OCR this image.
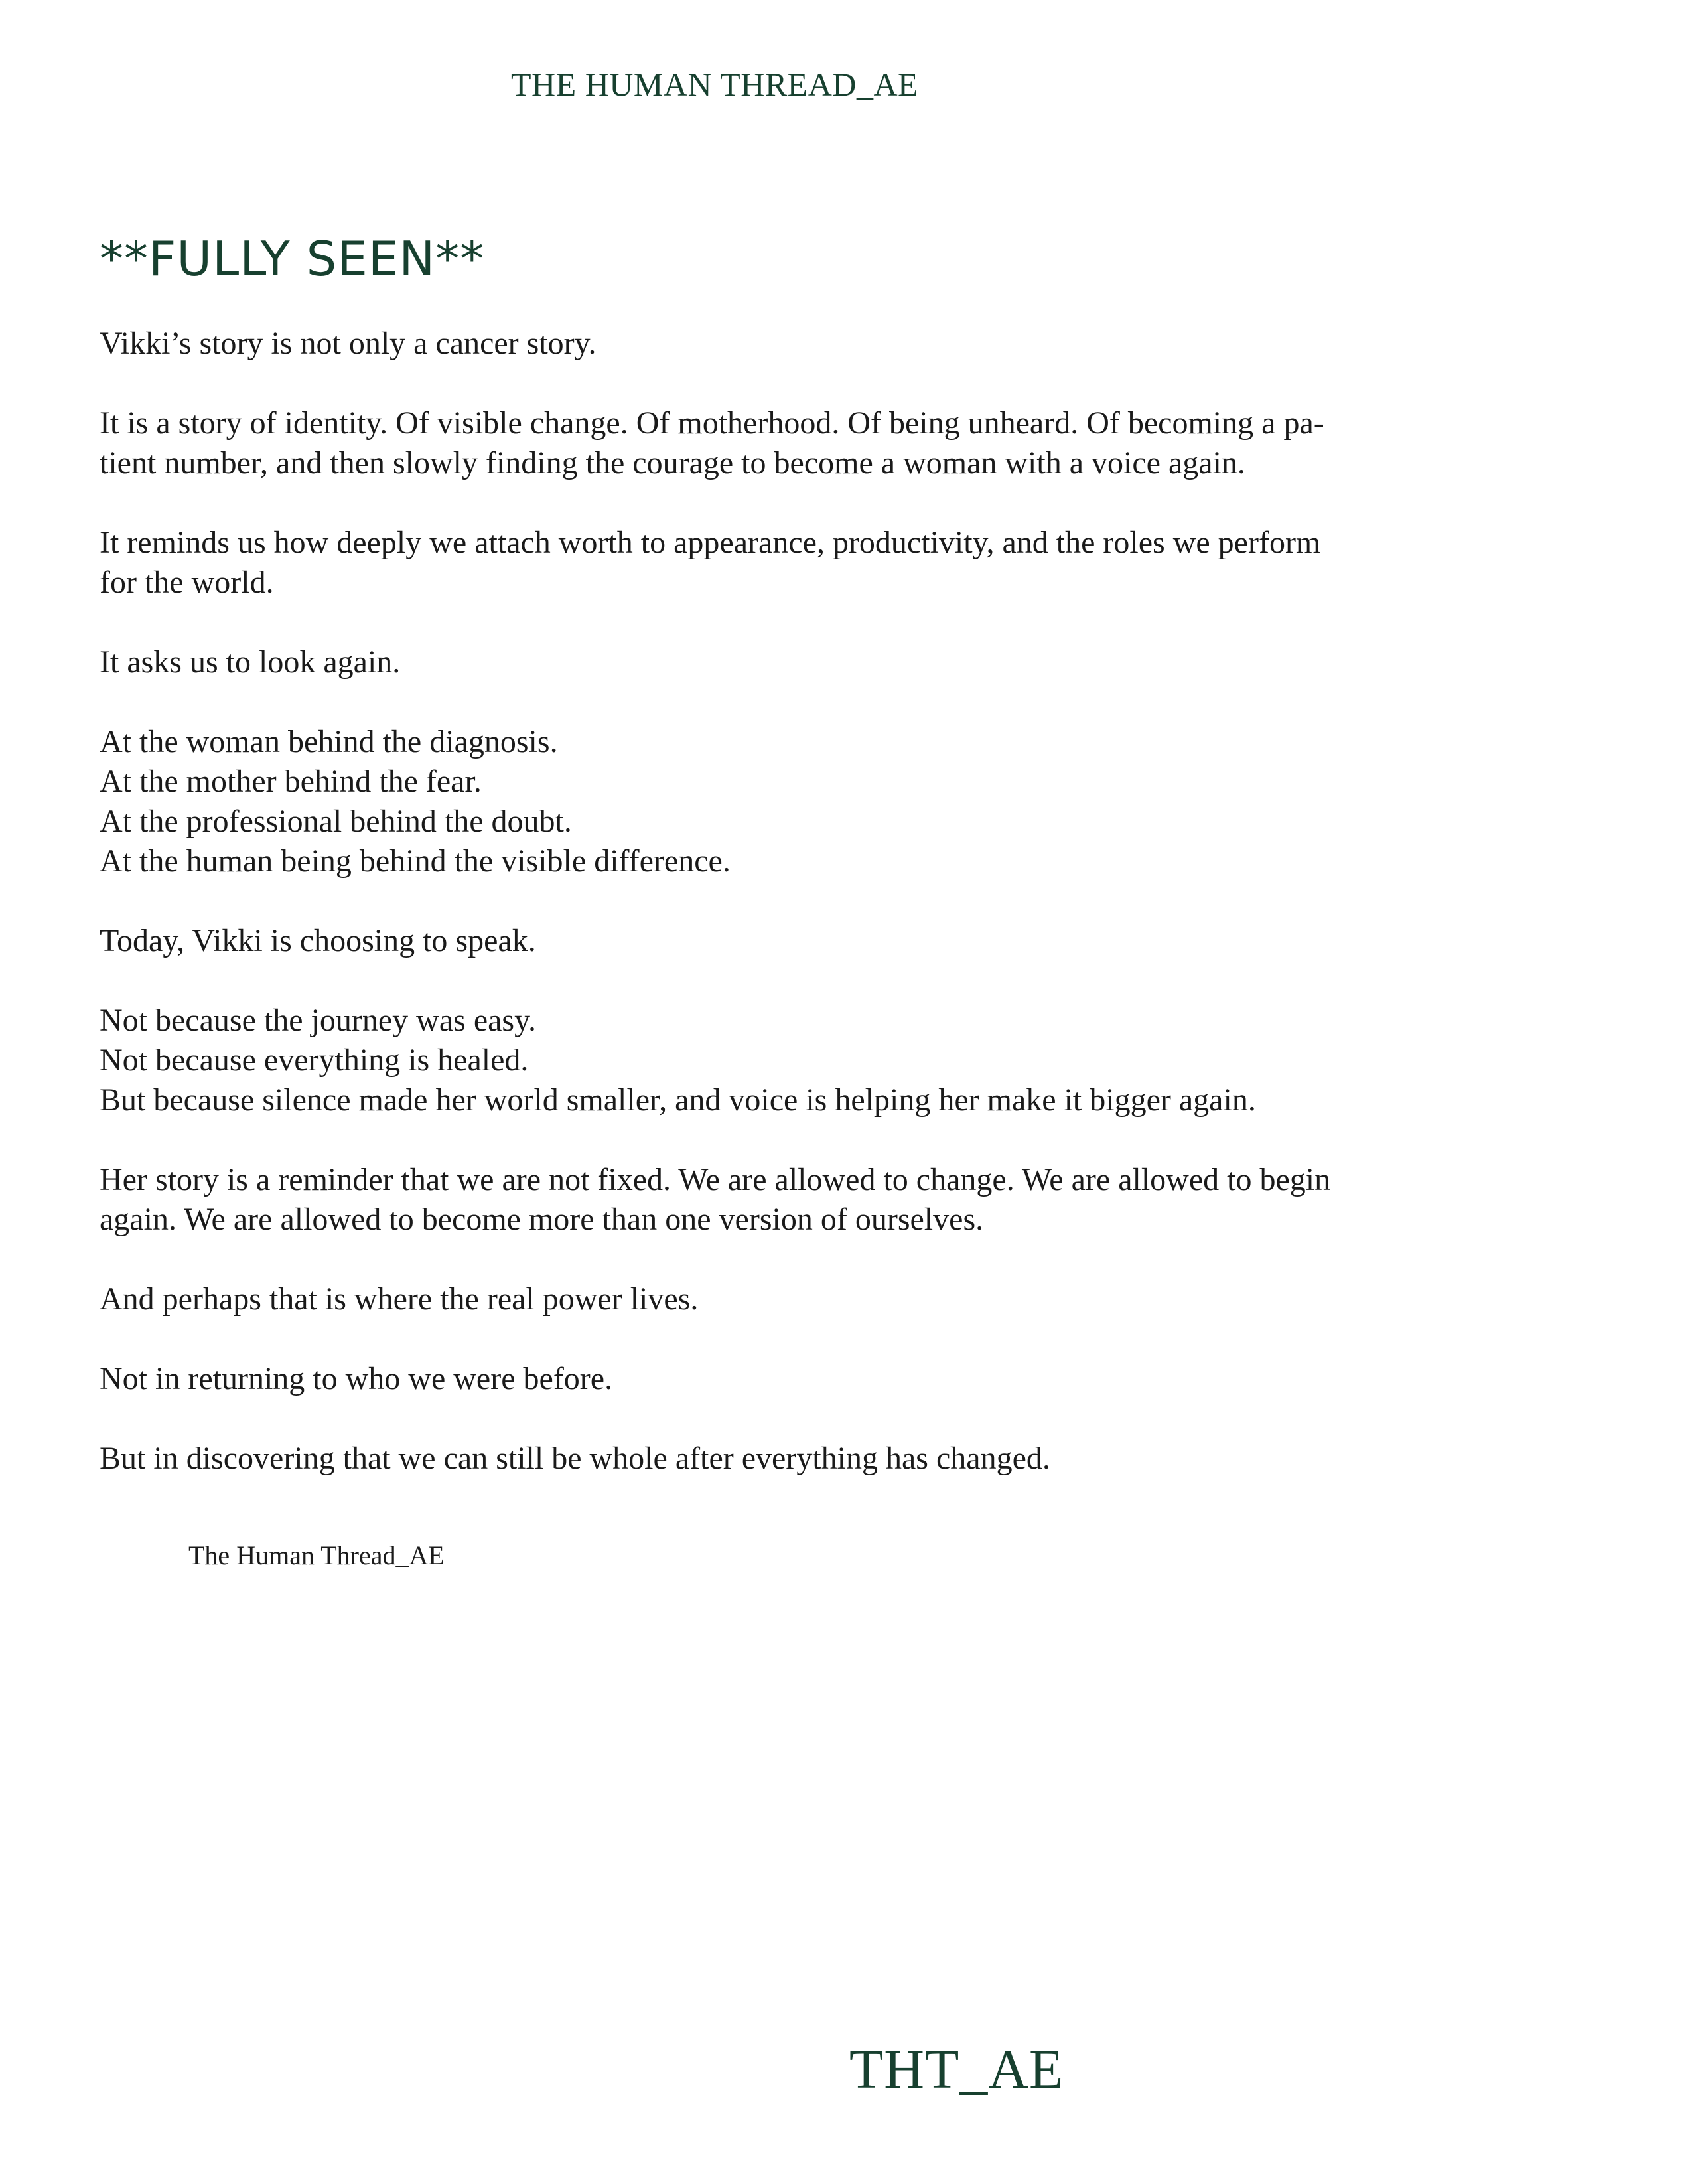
THE HUMAN THREAD_AE
**FULLY SEEN**

Vikki’s story is not only a cancer story.

It is a story of identity. Of visible change. Of motherhood. Of being unheard. Of becoming a pa-
tient number, and then slowly finding the courage to become a woman with a voice again.

It reminds us how deeply we attach worth to appearance, productivity, and the roles we perform
for the world.

It asks us to look again.

At the woman behind the diagnosis.
At the mother behind the fear.
At the professional behind the doubt.
At the human being behind the visible difference.

Today, Vikki is choosing to speak.

Not because the journey was easy.
Not because everything is healed.
But because silence made her world smaller, and voice is helping her make it bigger again.

Her story is a reminder that we are not fixed. We are allowed to change. We are allowed to begin
again. We are allowed to become more than one version of ourselves.

And perhaps that is where the real power lives.

Not in returning to who we were before.

But in discovering that we can still be whole after everything has changed.

The Human Thread_AE
THT_AE
